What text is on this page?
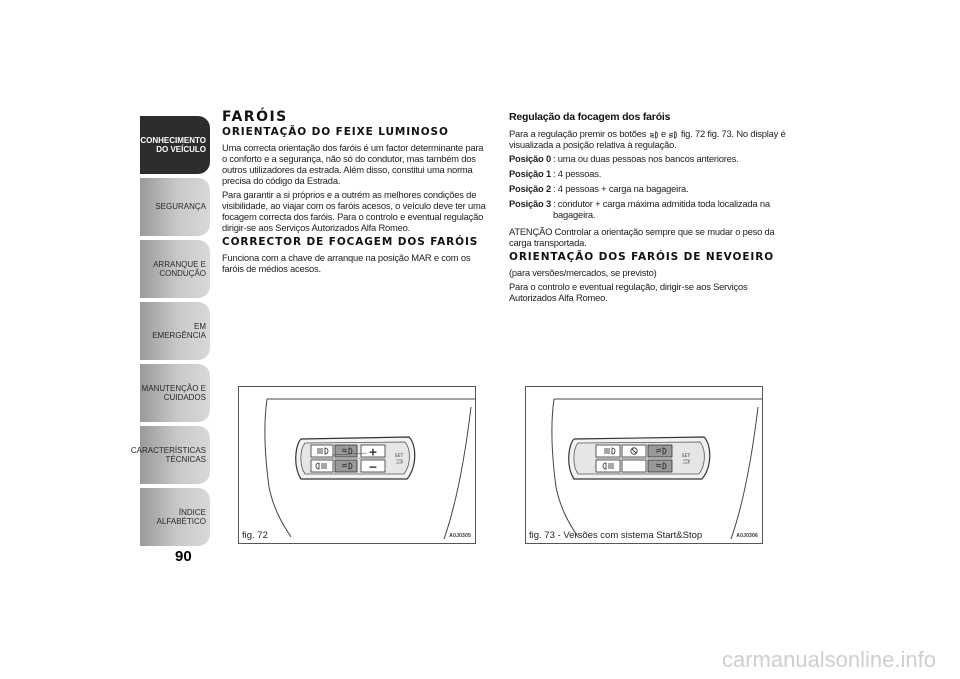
CONHECIMENTO
DO VEÍCULO
SEGURANÇA
ARRANQUE E
CONDUÇÃO
EM EMERGÊNCIA
MANUTENÇÃO E
CUIDADOS
CARACTERÍSTICAS
TÉCNICAS
ÍNDICE ALFABÉTICO
90
FARÓIS
ORIENTAÇÃO DO FEIXE LUMINOSO

Uma correcta orientação dos faróis é um factor determinante para o conforto e a segurança, não só do condutor, mas também dos outros utilizadores da estrada. Além disso, constitui uma norma precisa do código da Estrada.

Para garantir a si próprios e a outrém as melhores condições de visibilidade, ao viajar com os faróis acesos, o veículo deve ter uma focagem correcta dos faróis. Para o controlo e eventual regulação dirigir-se aos Serviços Autorizados Alfa Romeo.

CORRECTOR DE FOCAGEM DOS FARÓIS

Funciona com a chave de arranque na posição MAR e com os faróis de médios acesos.

Regulação da focagem dos faróis

Para a regulação premir os botões e fig. 72 fig. 73. No display é visualizada a posição relativa à regulação.

Posição 0 : uma ou duas pessoas nos bancos anteriores.
Posição 1 : 4 pessoas.
Posição 2 : 4 pessoas + carga na bagageira.
Posição 3 : condutor + carga máxima admitida toda localizada na bagageira.

ATENÇÃO Controlar a orientação sempre que se mudar o peso da carga transportada.

ORIENTAÇÃO DOS FARÓIS DE NEVOEIRO

(para versões/mercados, se previsto)

Para o controlo e eventual regulação, dirigir-se aos Serviços Autorizados Alfa Romeo.

+
−
SET
fig. 72	A0J0305
SET
fig. 73 - Versões com sistema Start&Stop	A0J0306
carmanualsonline.info
